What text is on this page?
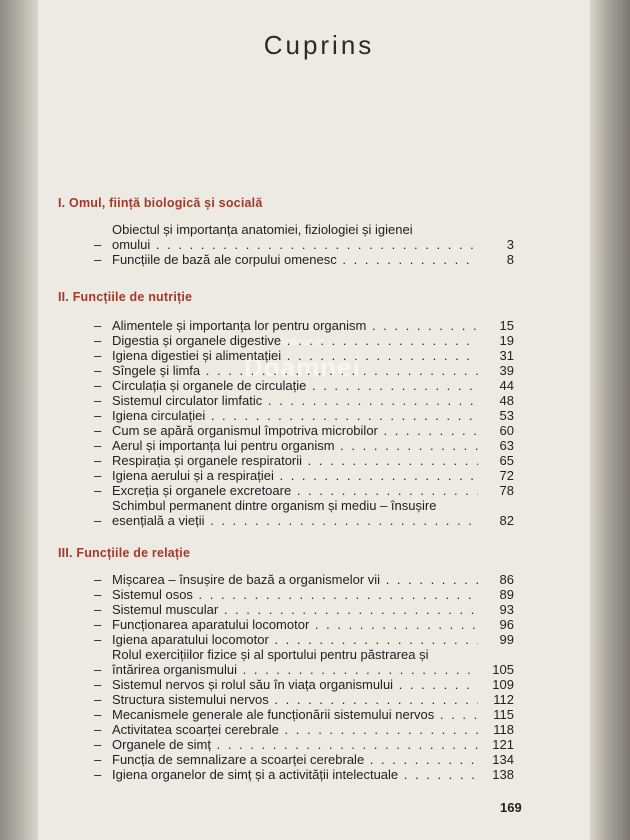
Cuprins
Anticariat
Doamnei
I. Omul, ființă biologică și socială
–
Obiectul și importanța anatomiei, fiziologiei și igienei
omului . . .	3
– Funcțiile de bază ale corpului omenesc . . .	8
II. Funcțiile de nutriție
– Alimentele și importanța lor pentru organism . . .	15
– Digestia și organele digestive . . .	19
– Igiena digestiei și alimentației . . .	31
– Sîngele și limfa . . .	39
– Circulația și organele de circulație . . .	44
– Sistemul circulator limfatic . . .	48
– Igiena circulației . . .	53
– Cum se apără organismul împotriva microbilor . . .	60
– Aerul și importanța lui pentru organism . . .	63
– Respirația și organele respiratorii . . .	65
– Igiena aerului și a respirației . . .	72
– Excreția și organele excretoare . . .	78
–
Schimbul permanent dintre organism și mediu – însușire
esențială a vieții . . .	82
III. Funcțiile de relație
– Mișcarea – însușire de bază a organismelor vii . . .	86
– Sistemul osos . . .	89
– Sistemul muscular . . .	93
– Funcționarea aparatului locomotor . . .	96
– Igiena aparatului locomotor . . .	99
–
Rolul exercițiilor fizice și al sportului pentru păstrarea și
întărirea organismului . . .	105
– Sistemul nervos și rolul său în viața organismului . . .	109
– Structura sistemului nervos . . .	112
– Mecanismele generale ale funcționării sistemului nervos . . .	115
– Activitatea scoarței cerebrale . . .	118
– Organele de simț . . .	121
– Funcția de semnalizare a scoarței cerebrale . . .	134
– Igiena organelor de simț și a activității intelectuale . . .	138
169
